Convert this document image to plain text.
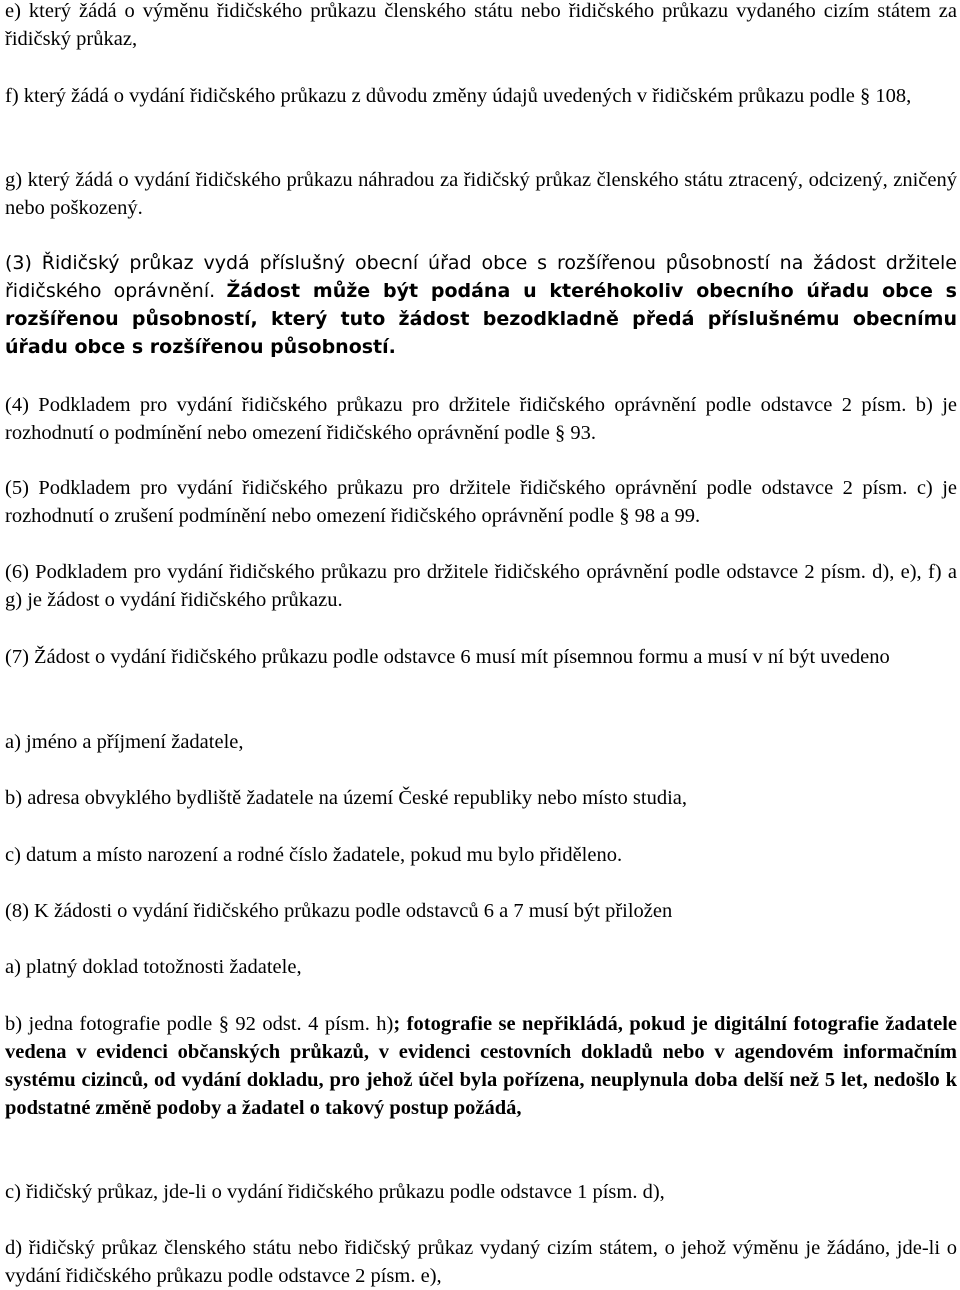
e) který žádá o výměnu řidičského průkazu členského státu nebo řidičského průkazu vydaného cizím státem za řidičský průkaz,

f) který žádá o vydání řidičského průkazu z důvodu změny údajů uvedených v řidičském průkazu podle § 108,

g) který žádá o vydání řidičského průkazu náhradou za řidičský průkaz členského státu ztracený, odcizený, zničený nebo poškozený.

(3) Řidičský průkaz vydá příslušný obecní úřad obce s rozšířenou působností na žádost držitele řidičského oprávnění. Žádost může být podána u kteréhokoliv obecního úřadu obce s rozšířenou působností, který tuto žádost bezodkladně předá příslušnému obecnímu úřadu obce s rozšířenou působností.

(4) Podkladem pro vydání řidičského průkazu pro držitele řidičského oprávnění podle odstavce 2 písm. b) je rozhodnutí o podmínění nebo omezení řidičského oprávnění podle § 93.

(5) Podkladem pro vydání řidičského průkazu pro držitele řidičského oprávnění podle odstavce 2 písm. c) je rozhodnutí o zrušení podmínění nebo omezení řidičského oprávnění podle § 98 a 99.

(6) Podkladem pro vydání řidičského průkazu pro držitele řidičského oprávnění podle odstavce 2 písm. d), e), f) a g) je žádost o vydání řidičského průkazu.

(7) Žádost o vydání řidičského průkazu podle odstavce 6 musí mít písemnou formu a musí v ní být uvedeno

a) jméno a příjmení žadatele,

b) adresa obvyklého bydliště žadatele na území České republiky nebo místo studia,

c) datum a místo narození a rodné číslo žadatele, pokud mu bylo přiděleno.

(8) K žádosti o vydání řidičského průkazu podle odstavců 6 a 7 musí být přiložen

a) platný doklad totožnosti žadatele,

b) jedna fotografie podle § 92 odst. 4 písm. h); fotografie se nepřikládá, pokud je digitální fotografie žadatele vedena v evidenci občanských průkazů, v evidenci cestovních dokladů nebo v agendovém informačním systému cizinců, od vydání dokladu, pro jehož účel byla pořízena, neuplynula doba delší než 5 let, nedošlo k podstatné změně podoby a žadatel o takový postup požádá,

c) řidičský průkaz, jde-li o vydání řidičského průkazu podle odstavce 1 písm. d),

d) řidičský průkaz členského státu nebo řidičský průkaz vydaný cizím státem, o jehož výměnu je žádáno, jde-li o vydání řidičského průkazu podle odstavce 2 písm. e),
